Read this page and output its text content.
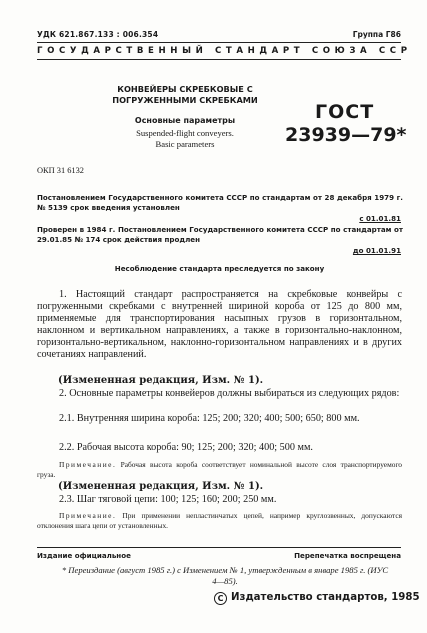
УДК 621.867.133 : 006.354	Группа Г86
ГОСУДАРСТВЕННЫЙ СТАНДАРТ СОЮЗА ССР
КОНВЕЙЕРЫ СКРЕБКОВЫЕ С ПОГРУЖЕННЫМИ СКРЕБКАМИ
Основные параметры
Suspended-flight conveyers.
Basic parameters
ГОСТ
23939—79*
ОКП 31 6132
Постановлением Государственного комитета СССР по стандартам от 28 декабря 1979 г. № 5139 срок введения установлен
с 01.01.81
Проверен в 1984 г. Постановлением Государственного комитета СССР по стандартам от 29.01.85 № 174 срок действия продлен
до 01.01.91
Несоблюдение стандарта преследуется по закону
1. Настоящий стандарт распространяется на скребковые конвейры с погруженными скребками с внутренней шириной короба от 125 до 800 мм, применяемые для транспортирования насыпных грузов в горизонтальном, наклонном и вертикальном направлениях, а также в горизонтально-наклонном, горизонтально-вертикальном, наклонно-горизонтальном направлениях и в других сочетаниях направлений.
(Измененная редакция, Изм. № 1).
2. Основные параметры конвейеров должны выбираться из следующих рядов:
2.1. Внутренняя ширина короба: 125; 200; 320; 400; 500; 650; 800 мм.
2.2. Рабочая высота короба: 90; 125; 200; 320; 400; 500 мм.
Примечание. Рабочая высота короба соответствует номинальной высоте слоя транспортируемого груза.
(Измененная редакция, Изм. № 1).
2.3. Шаг тяговой цепи: 100; 125; 160; 200; 250 мм.
Примечание. При применении непластинчатых цепей, например круглозвенных, допускаются отклонения шага цепи от установленных.
Издание официальное	Перепечатка воспрещена
* Переиздание (август 1985 г.) с Изменением № 1, утвержденным в январе 1985 г. (ИУС 4—85).
C Издательство стандартов, 1985
